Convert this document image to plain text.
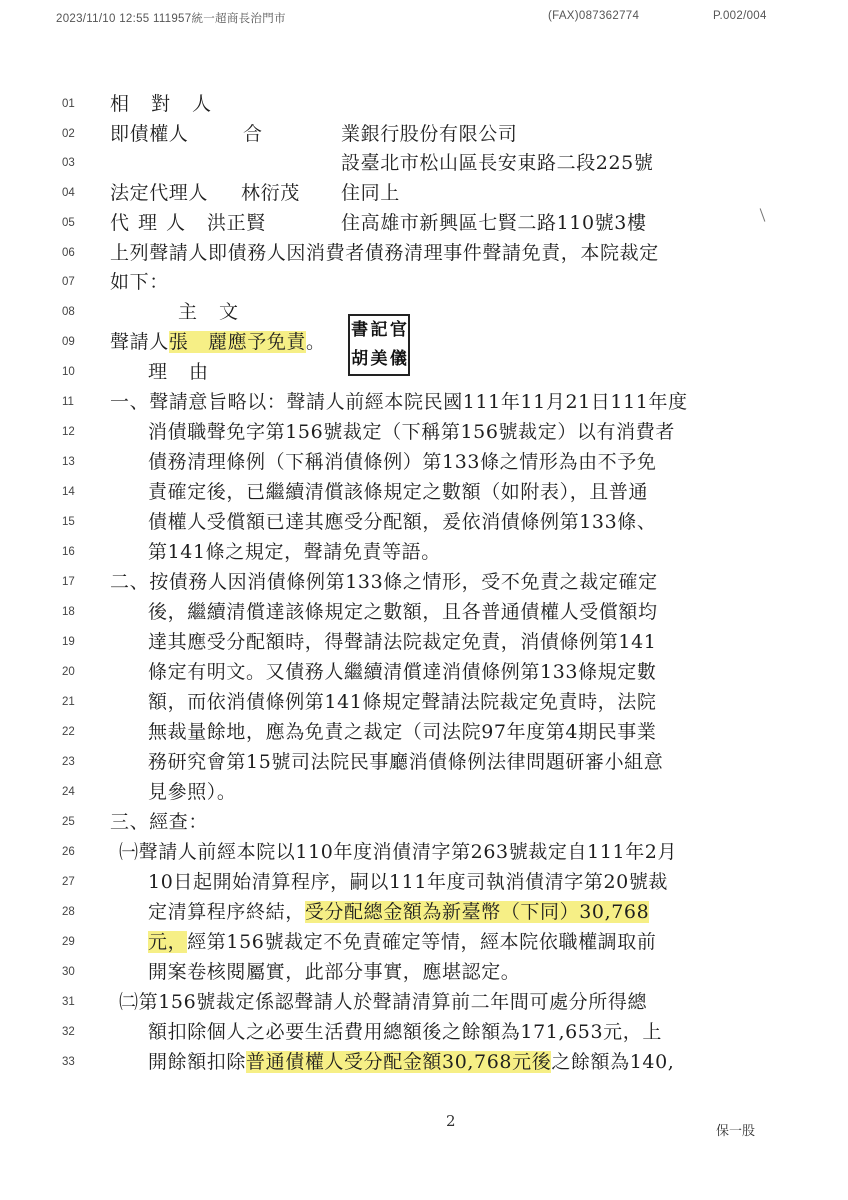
2023/11/10 12:55 111957統一超商長治門市	(FAX)087362774	P.002/004
01
02
03
04
05
06
07
08
09
10
11
12
13
14
15
16
17
18
19
20
21
22
23
24
25
26
27
28
29
30
31
32
33
相對人
即債權人	合	業銀行股份有限公司
設臺北市松山區長安東路二段225號
法定代理人 林衍茂 住同上
代理人 洪正賢	住高雄市新興區七賢二路110號3樓
上列聲請人即債務人因消費者債務清理事件聲請免責，本院裁定
如下：
主文
聲請人張　麗應予免責。
書 記 官
胡 美 儀
理由
一、聲請意旨略以：聲請人前經本院民國111年11月21日111年度
消債職聲免字第156號裁定（下稱第156號裁定）以有消費者
債務清理條例（下稱消債條例）第133條之情形為由不予免
責確定後，已繼續清償該條規定之數額（如附表），且普通
債權人受償額已達其應受分配額，爰依消債條例第133條、
第141條之規定，聲請免責等語。
二、按債務人因消債條例第133條之情形，受不免責之裁定確定
後，繼續清償達該條規定之數額，且各普通債權人受償額均
達其應受分配額時，得聲請法院裁定免責，消債條例第141
條定有明文。又債務人繼續清償達消債條例第133條規定數
額，而依消債條例第141條規定聲請法院裁定免責時，法院
無裁量餘地，應為免責之裁定（司法院97年度第4期民事業
務研究會第15號司法院民事廳消債條例法律問題研審小組意
見參照）。
三、經查：
㈠聲請人前經本院以110年度消債清字第263號裁定自111年2月
10日起開始清算程序，嗣以111年度司執消債清字第20號裁
定清算程序終結，受分配總金額為新臺幣（下同）30,768
元，經第156號裁定不免責確定等情，經本院依職權調取前
開案卷核閱屬實，此部分事實，應堪認定。
㈡第156號裁定係認聲請人於聲請清算前二年間可處分所得總
額扣除個人之必要生活費用總額後之餘額為171,653元，上
開餘額扣除普通債權人受分配金額30,768元後之餘額為140,
2
保一股
